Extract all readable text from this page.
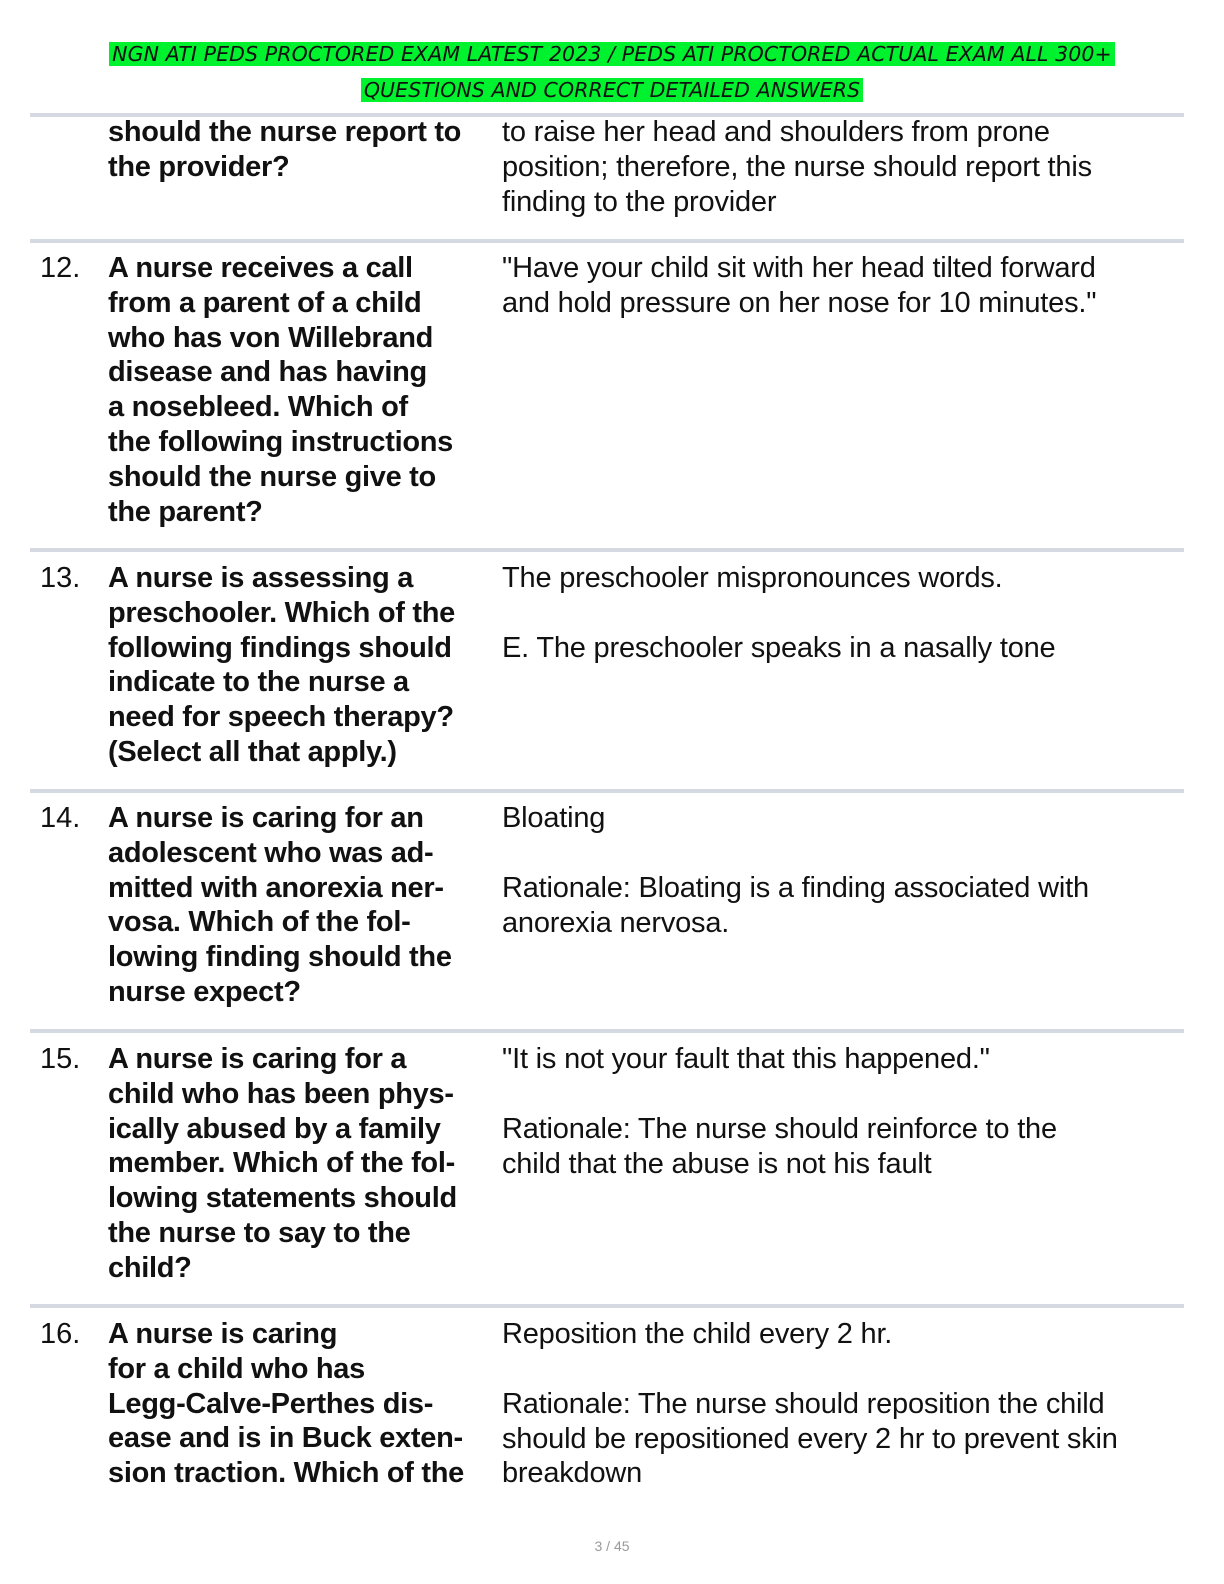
NGN ATI PEDS PROCTORED EXAM LATEST 2023 / PEDS ATI PROCTORED ACTUAL EXAM ALL 300+
QUESTIONS AND CORRECT DETAILED ANSWERS
should the nurse report to
the provider?
to raise her head and shoulders from prone
position; therefore, the nurse should report this
finding to the provider
12. A nurse receives a call
from a parent of a child
who has von Willebrand
disease and has having
a nosebleed. Which of
the following instructions
should the nurse give to
the parent?
"Have your child sit with her head tilted forward
and hold pressure on her nose for 10 minutes."
13. A nurse is assessing a
preschooler. Which of the
following findings should
indicate to the nurse a
need for speech therapy?
(Select all that apply.)

The preschooler mispronounces words.

E. The preschooler speaks in a nasally tone

14. A nurse is caring for an
adolescent who was ad-
mitted with anorexia ner-
vosa. Which of the fol-
lowing finding should the
nurse expect?

Bloating

Rationale: Bloating is a finding associated with
anorexia nervosa.

15. A nurse is caring for a
child who has been phys-
ically abused by a family
member. Which of the fol-
lowing statements should
the nurse to say to the
child?

"It is not your fault that this happened."

Rationale: The nurse should reinforce to the
child that the abuse is not his fault

16. A nurse is caring
for a child who has
Legg-Calve-Perthes dis-
ease and is in Buck exten-
sion traction. Which of the

Reposition the child every 2 hr.

Rationale: The nurse should reposition the child
should be repositioned every 2 hr to prevent skin
breakdown

3 / 45
